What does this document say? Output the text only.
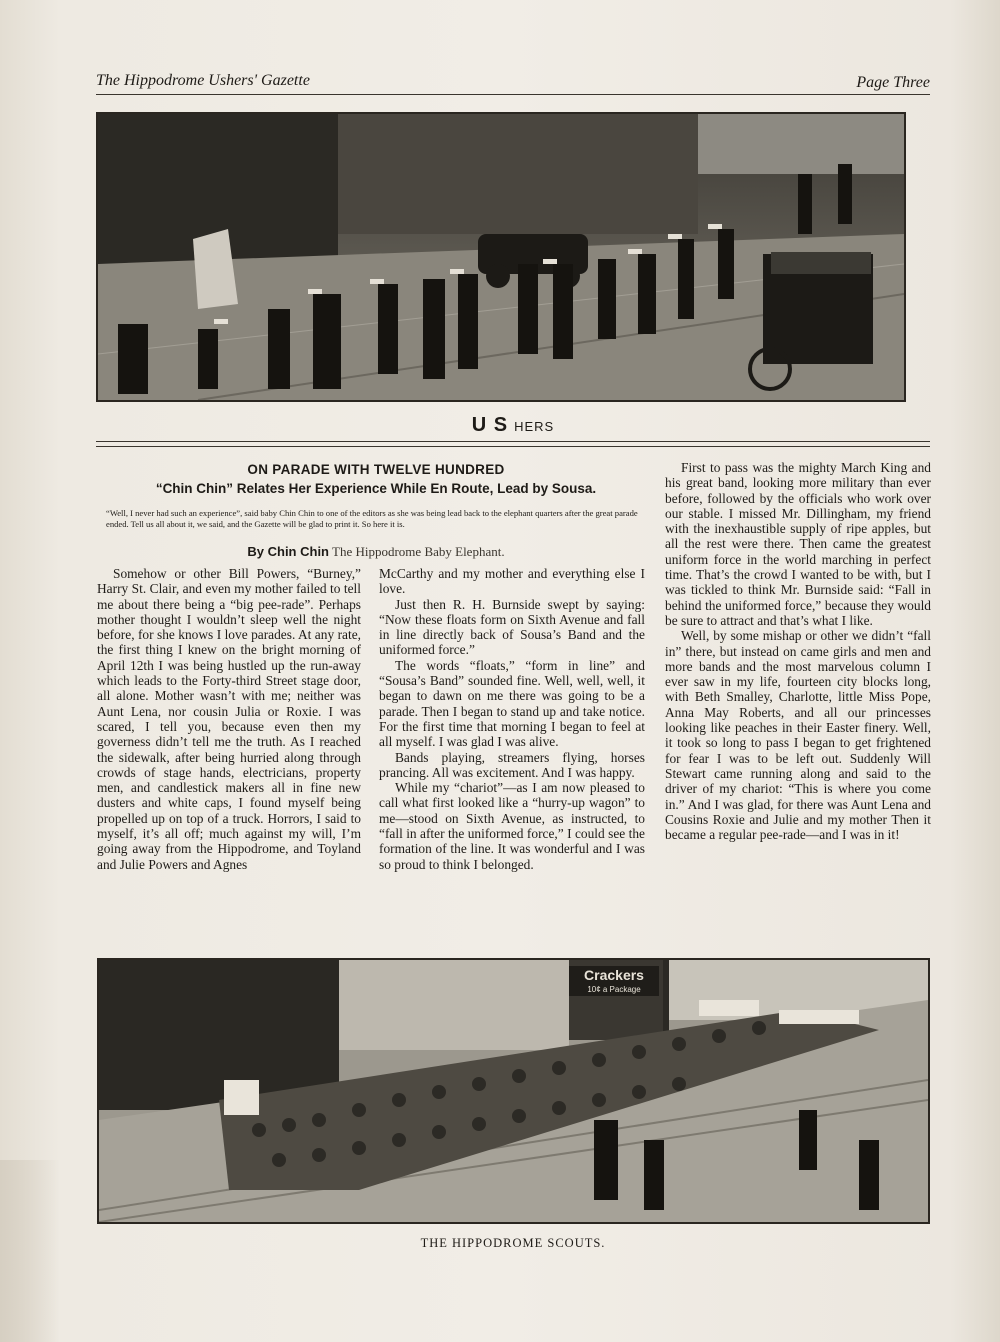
The Hippodrome Ushers' Gazette	Page Three
U S HERS

ON PARADE WITH TWELVE HUNDRED

“Chin Chin” Relates Her Experience While En Route, Lead by Sousa.

“Well, I never had such an experience”, said baby Chin Chin to one of the editors as she was being lead back to the elephant quarters after the great parade ended. Tell us all about it, we said, and the Gazette will be glad to print it. So here it is.

By Chin Chin The Hippodrome Baby Elephant.

Somehow or other Bill Powers, “Burney,” Harry St. Clair, and even my mother failed to tell me about there being a “big pee-rade”. Perhaps mother thought I wouldn’t sleep well the night before, for she knows I love parades. At any rate, the first thing I knew on the bright morning of April 12th I was being hustled up the run-away which leads to the Forty-third Street stage door, all alone. Mother wasn’t with me; neither was Aunt Lena, nor cousin Julia or Roxie. I was scared, I tell you, because even then my governess didn’t tell me the truth. As I reached the sidewalk, after being hurried along through crowds of stage hands, electricians, property men, and candlestick makers all in fine new dusters and white caps, I found myself being propelled up on top of a truck. Horrors, I said to myself, it’s all off; much against my will, I’m going away from the Hippodrome, and Toyland and Julie Powers and Agnes

McCarthy and my mother and everything else I love.

Just then R. H. Burnside swept by saying: “Now these floats form on Sixth Avenue and fall in line directly back of Sousa’s Band and the uniformed force.”

The words “floats,” “form in line” and “Sousa’s Band” sounded fine. Well, well, well, it began to dawn on me there was going to be a parade. Then I began to stand up and take notice. For the first time that morning I began to feel at all myself. I was glad I was alive.

Bands playing, streamers flying, horses prancing. All was excitement. And I was happy.

While my “chariot”—as I am now pleased to call what first looked like a “hurry-up wagon” to me—stood on Sixth Avenue, as instructed, to “fall in after the uniformed force,” I could see the formation of the line. It was wonderful and I was so proud to think I belonged.

First to pass was the mighty March King and his great band, looking more military than ever before, followed by the officials who work over our stable. I missed Mr. Dillingham, my friend with the inexhaustible supply of ripe apples, but all the rest were there. Then came the greatest uniform force in the world marching in perfect time. That’s the crowd I wanted to be with, but I was tickled to think Mr. Burnside said: “Fall in behind the uniformed force,” because they would be sure to attract and that’s what I like.

Well, by some mishap or other we didn’t “fall in” there, but instead on came girls and men and more bands and the most marvelous column I ever saw in my life, fourteen city blocks long, with Beth Smalley, Charlotte, little Miss Pope, Anna May Roberts, and all our princesses looking like peaches in their Easter finery. Well, it took so long to pass I began to get frightened for fear I was to be left out. Suddenly Will Stewart came running along and said to the driver of my chariot: “This is where you come in.” And I was glad, for there was Aunt Lena and Cousins Roxie and Julie and my mother Then it became a regular pee-rade—and I was in it!

Crackers
10¢ a Package
THE HIPPODROME SCOUTS.
